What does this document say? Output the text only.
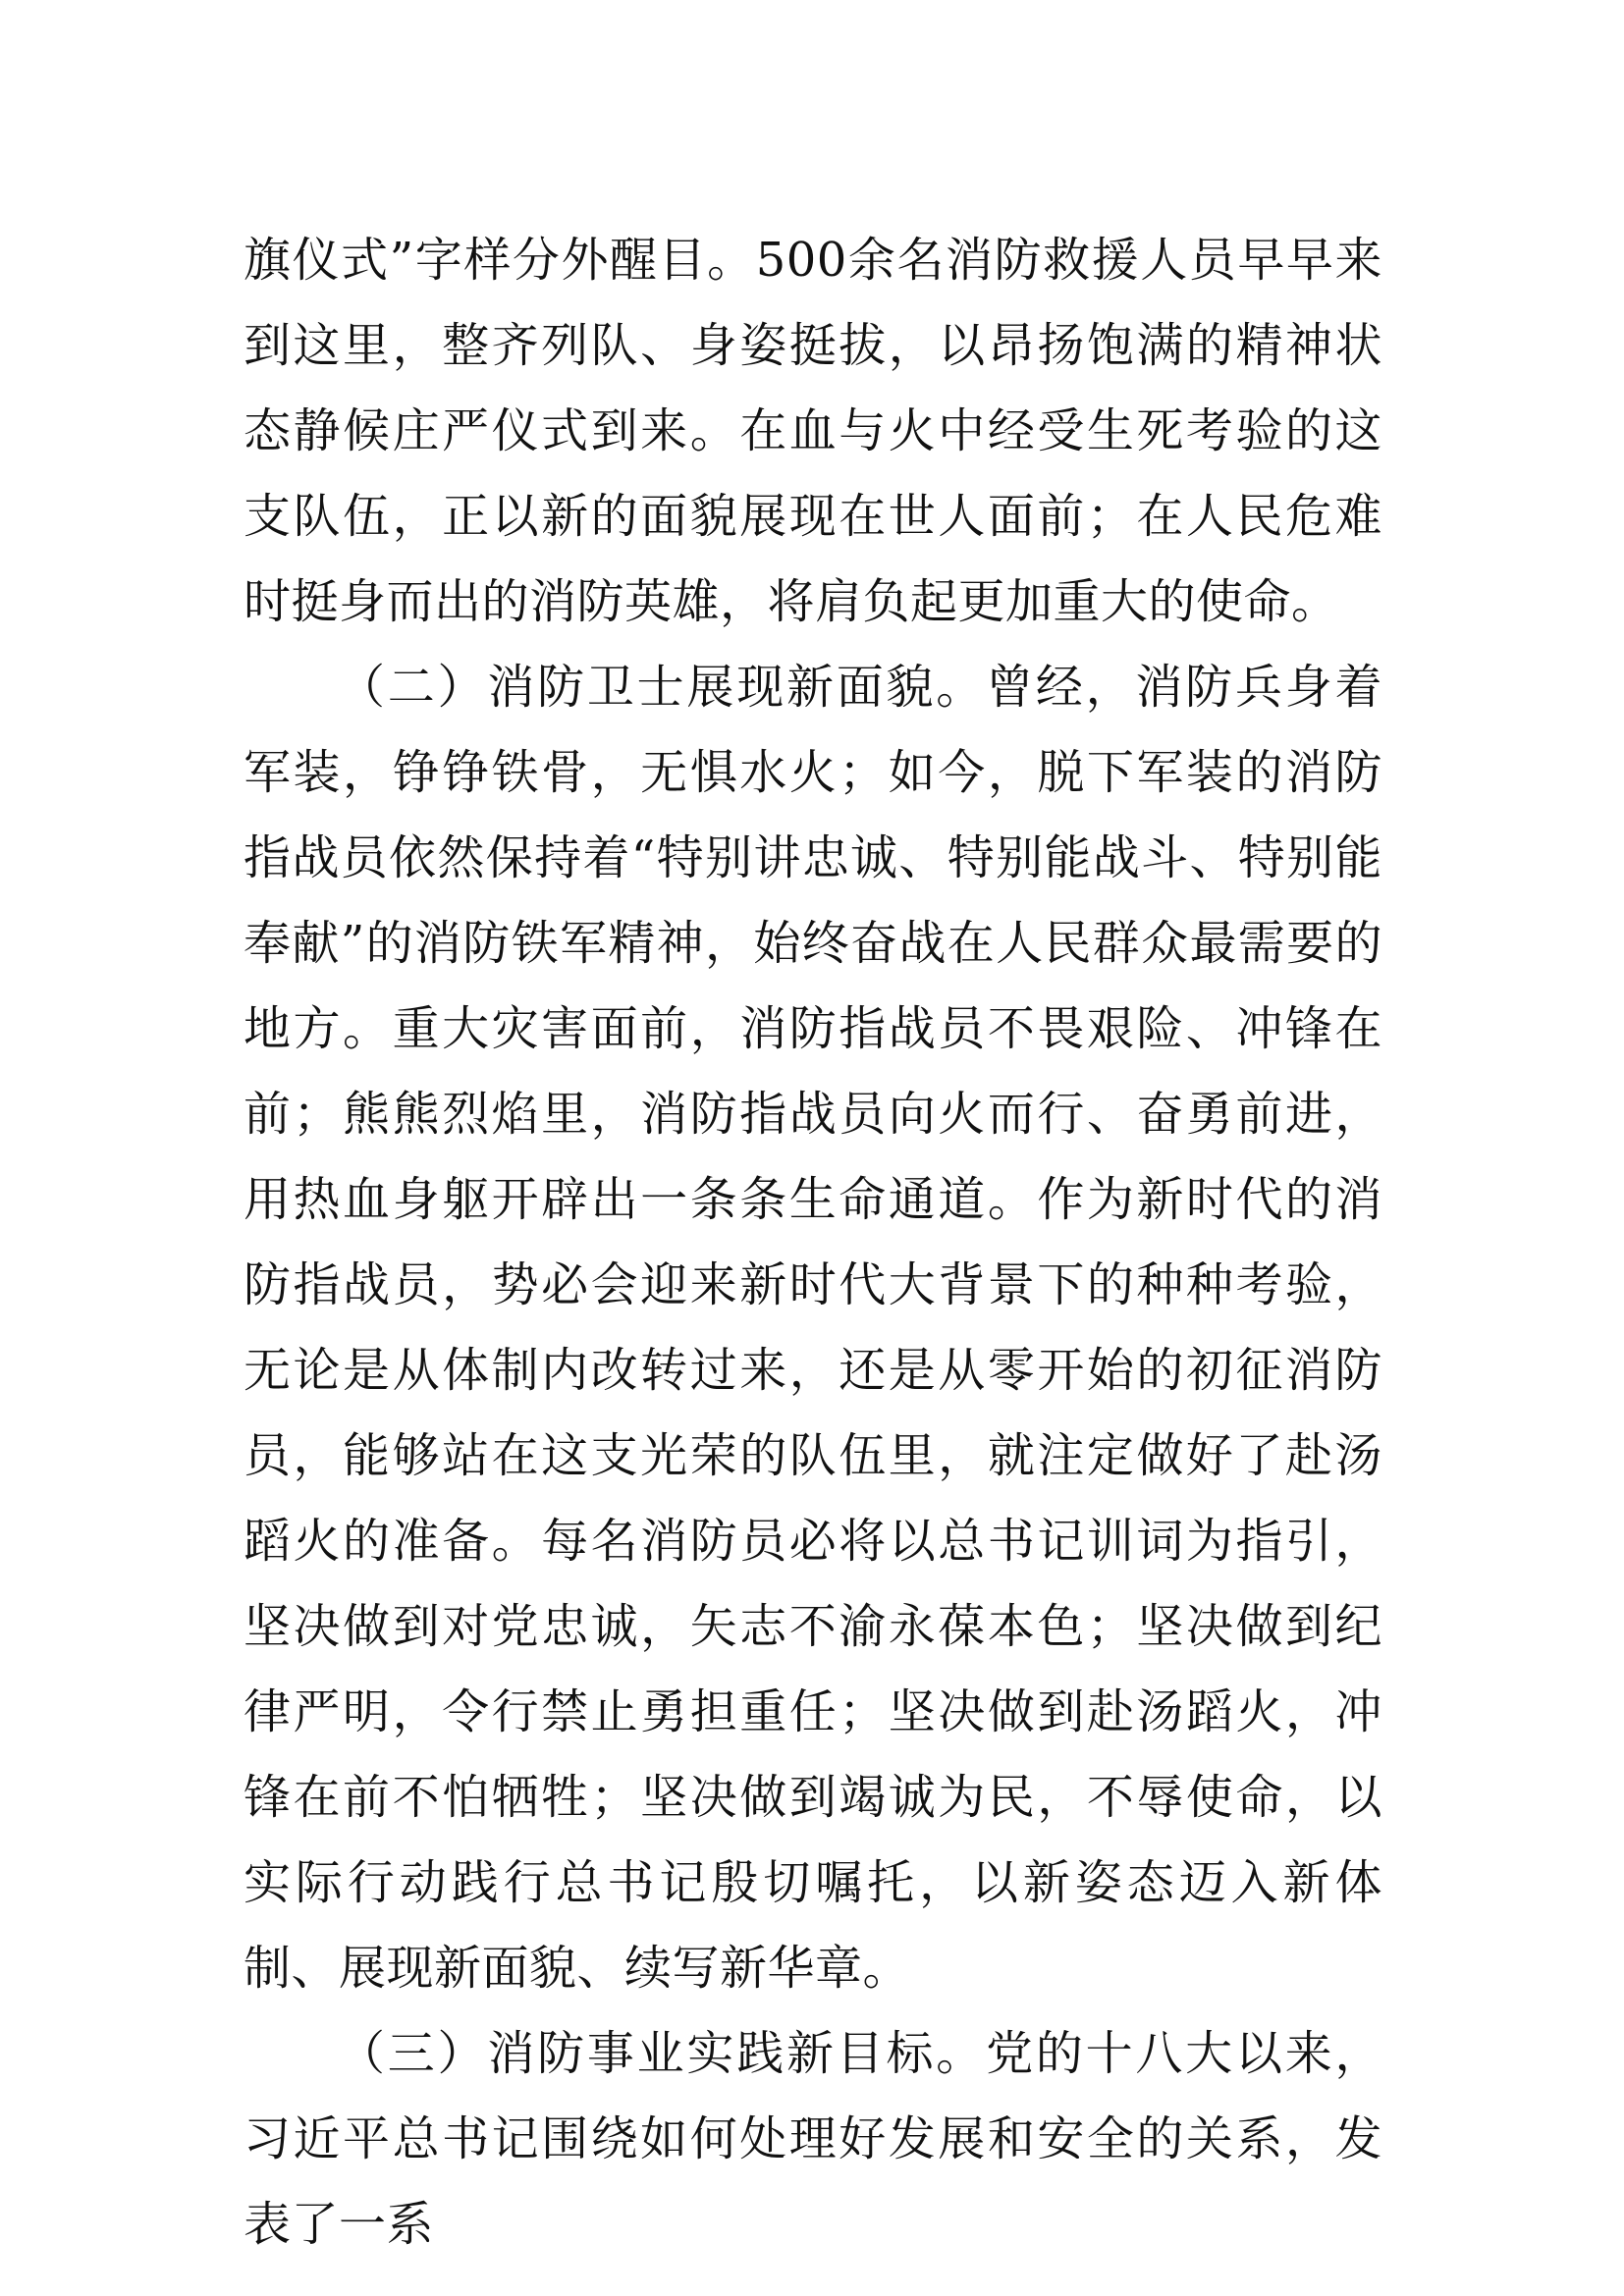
旗仪式”字样分外醒目。500余名消防救援人员早早来到这里，整齐列队、身姿挺拔，以昂扬饱满的精神状态静候庄严仪式到来。在血与火中经受生死考验的这支队伍，正以新的面貌展现在世人面前；在人民危难时挺身而出的消防英雄，将肩负起更加重大的使命。

（二）消防卫士展现新面貌。曾经，消防兵身着军装，铮铮铁骨，无惧水火；如今，脱下军装的消防指战员依然保持着“特别讲忠诚、特别能战斗、特别能奉献”的消防铁军精神，始终奋战在人民群众最需要的地方。重大灾害面前，消防指战员不畏艰险、冲锋在前；熊熊烈焰里，消防指战员向火而行、奋勇前进，用热血身躯开辟出一条条生命通道。作为新时代的消防指战员，势必会迎来新时代大背景下的种种考验，无论是从体制内改转过来，还是从零开始的初征消防员，能够站在这支光荣的队伍里，就注定做好了赴汤蹈火的准备。每名消防员必将以总书记训词为指引，坚决做到对党忠诚，矢志不渝永葆本色；坚决做到纪律严明，令行禁止勇担重任；坚决做到赴汤蹈火，冲锋在前不怕牺牲；坚决做到竭诚为民，不辱使命，以实际行动践行总书记殷切嘱托，以新姿态迈入新体制、展现新面貌、续写新华章。

（三）消防事业实践新目标。党的十八大以来，习近平总书记围绕如何处理好发展和安全的关系，发表了一系
